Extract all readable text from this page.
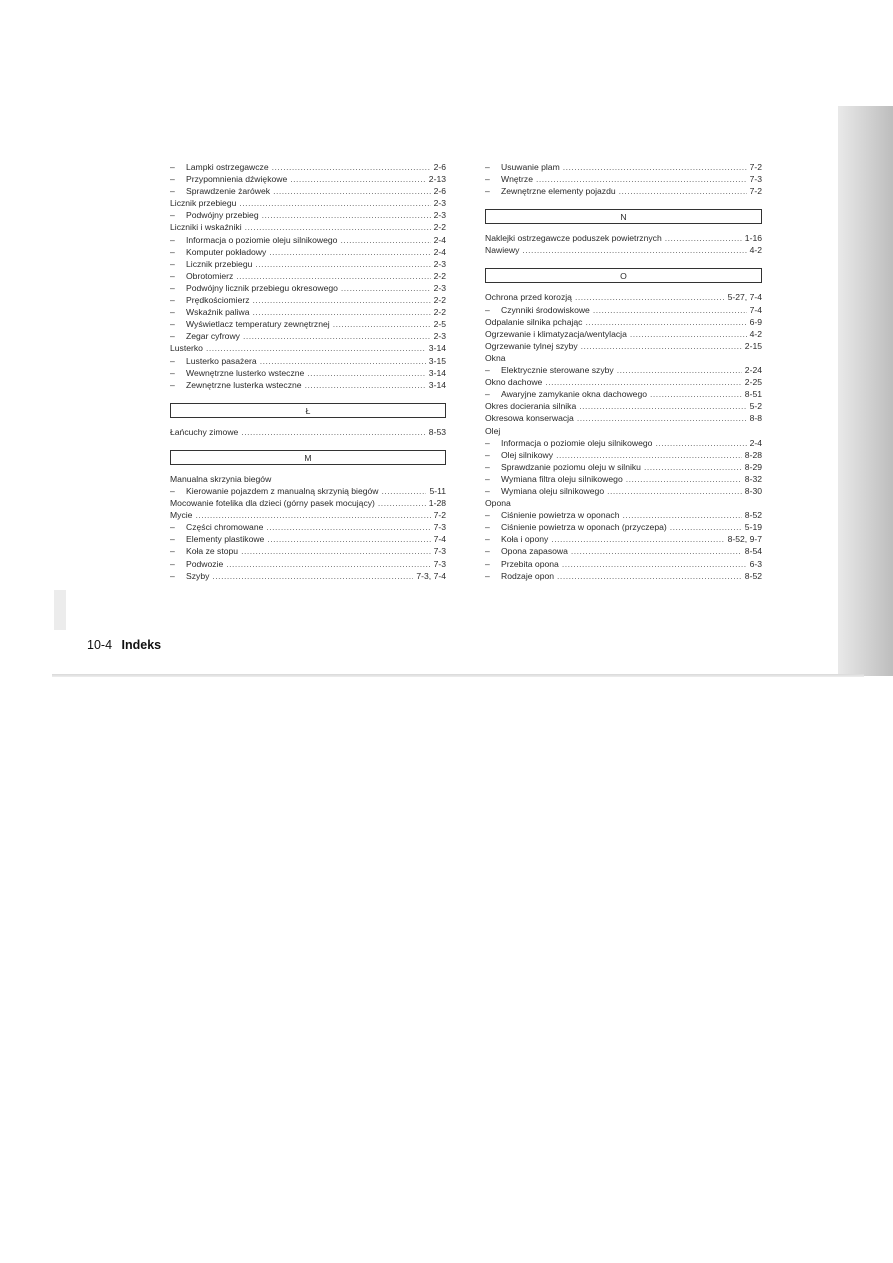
–	Lampki ostrzegawcze .....	2-6
–	Przypomnienia dźwiękowe .....	2-13
–	Sprawdzenie żarówek .....	2-6
Licznik przebiegu .....	2-3
–	Podwójny przebieg .....	2-3
Liczniki i wskaźniki .....	2-2
–	Informacja o poziomie oleju silnikowego .....	2-4
–	Komputer pokładowy .....	2-4
–	Licznik przebiegu .....	2-3
–	Obrotomierz .....	2-2
–	Podwójny licznik przebiegu okresowego .....	2-3
–	Prędkościomierz .....	2-2
–	Wskaźnik paliwa .....	2-2
–	Wyświetlacz temperatury zewnętrznej .....	2-5
–	Zegar cyfrowy .....	2-3
Lusterko .....	3-14
–	Lusterko pasażera .....	3-15
–	Wewnętrzne lusterko wsteczne .....	3-14
–	Zewnętrzne lusterka wsteczne .....	3-14
Ł
Łańcuchy zimowe .....	8-53
M
Manualna skrzynia biegów
–	Kierowanie pojazdem z manualną skrzynią biegów .....	5-11
Mocowanie fotelika dla dzieci (górny pasek mocujący) .....	1-28
Mycie .....	7-2
–	Części chromowane .....	7-3
–	Elementy plastikowe .....	7-4
–	Koła ze stopu .....	7-3
–	Podwozie .....	7-3
–	Szyby .....	7-3, 7-4
–	Usuwanie plam .....	7-2
–	Wnętrze .....	7-3
–	Zewnętrzne elementy pojazdu .....	7-2
N
Naklejki ostrzegawcze poduszek powietrznych .....	1-16
Nawiewy .....	4-2
O
Ochrona przed korozją .....	5-27, 7-4
–	Czynniki środowiskowe .....	7-4
Odpalanie silnika pchając .....	6-9
Ogrzewanie i klimatyzacja/wentylacja .....	4-2
Ogrzewanie tylnej szyby .....	2-15
Okna
–	Elektrycznie sterowane szyby .....	2-24
Okno dachowe .....	2-25
–	Awaryjne zamykanie okna dachowego .....	8-51
Okres docierania silnika .....	5-2
Okresowa konserwacja .....	8-8
Olej
–	Informacja o poziomie oleju silnikowego .....	2-4
–	Olej silnikowy .....	8-28
–	Sprawdzanie poziomu oleju w silniku .....	8-29
–	Wymiana filtra oleju silnikowego .....	8-32
–	Wymiana oleju silnikowego .....	8-30
Opona
–	Ciśnienie powietrza w oponach .....	8-52
–	Ciśnienie powietrza w oponach (przyczepa) .....	5-19
–	Koła i opony .....	8-52, 9-7
–	Opona zapasowa .....	8-54
–	Przebita opona .....	6-3
–	Rodzaje opon .....	8-52
10-4 Indeks
